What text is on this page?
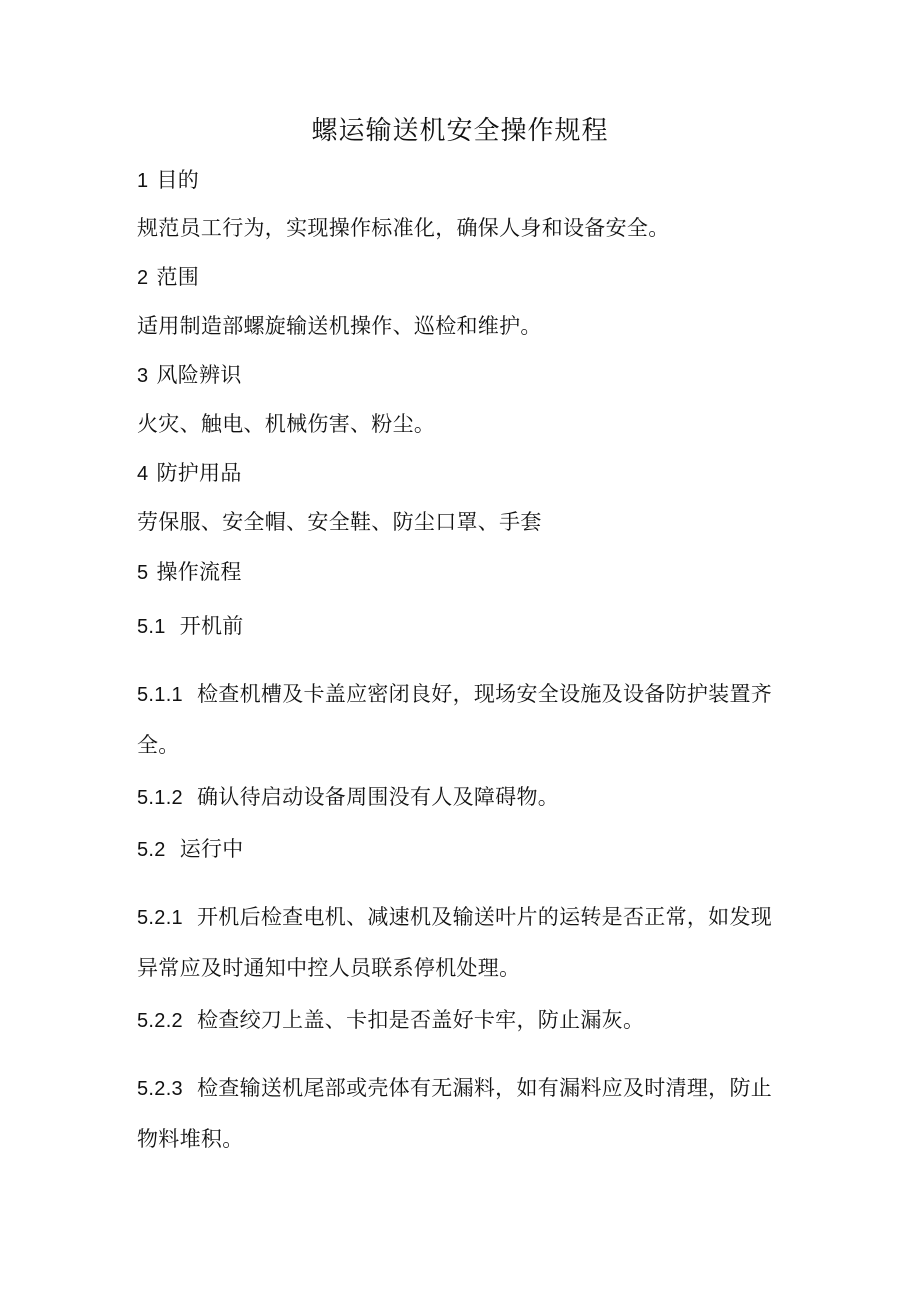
螺运输送机安全操作规程
1 目的
规范员工行为，实现操作标准化，确保人身和设备安全。
2 范围
适用制造部螺旋输送机操作、巡检和维护。
3 风险辨识
火灾、触电、机械伤害、粉尘。
4 防护用品
劳保服、安全帽、安全鞋、防尘口罩、手套
5 操作流程
5.1 开机前
5.1.1 检查机槽及卡盖应密闭良好，现场安全设施及设备防护装置齐
全。
5.1.2 确认待启动设备周围没有人及障碍物。
5.2 运行中
5.2.1 开机后检查电机、减速机及输送叶片的运转是否正常，如发现
异常应及时通知中控人员联系停机处理。
5.2.2 检查绞刀上盖、卡扣是否盖好卡牢，防止漏灰。
5.2.3 检查输送机尾部或壳体有无漏料，如有漏料应及时清理，防止
物料堆积。
